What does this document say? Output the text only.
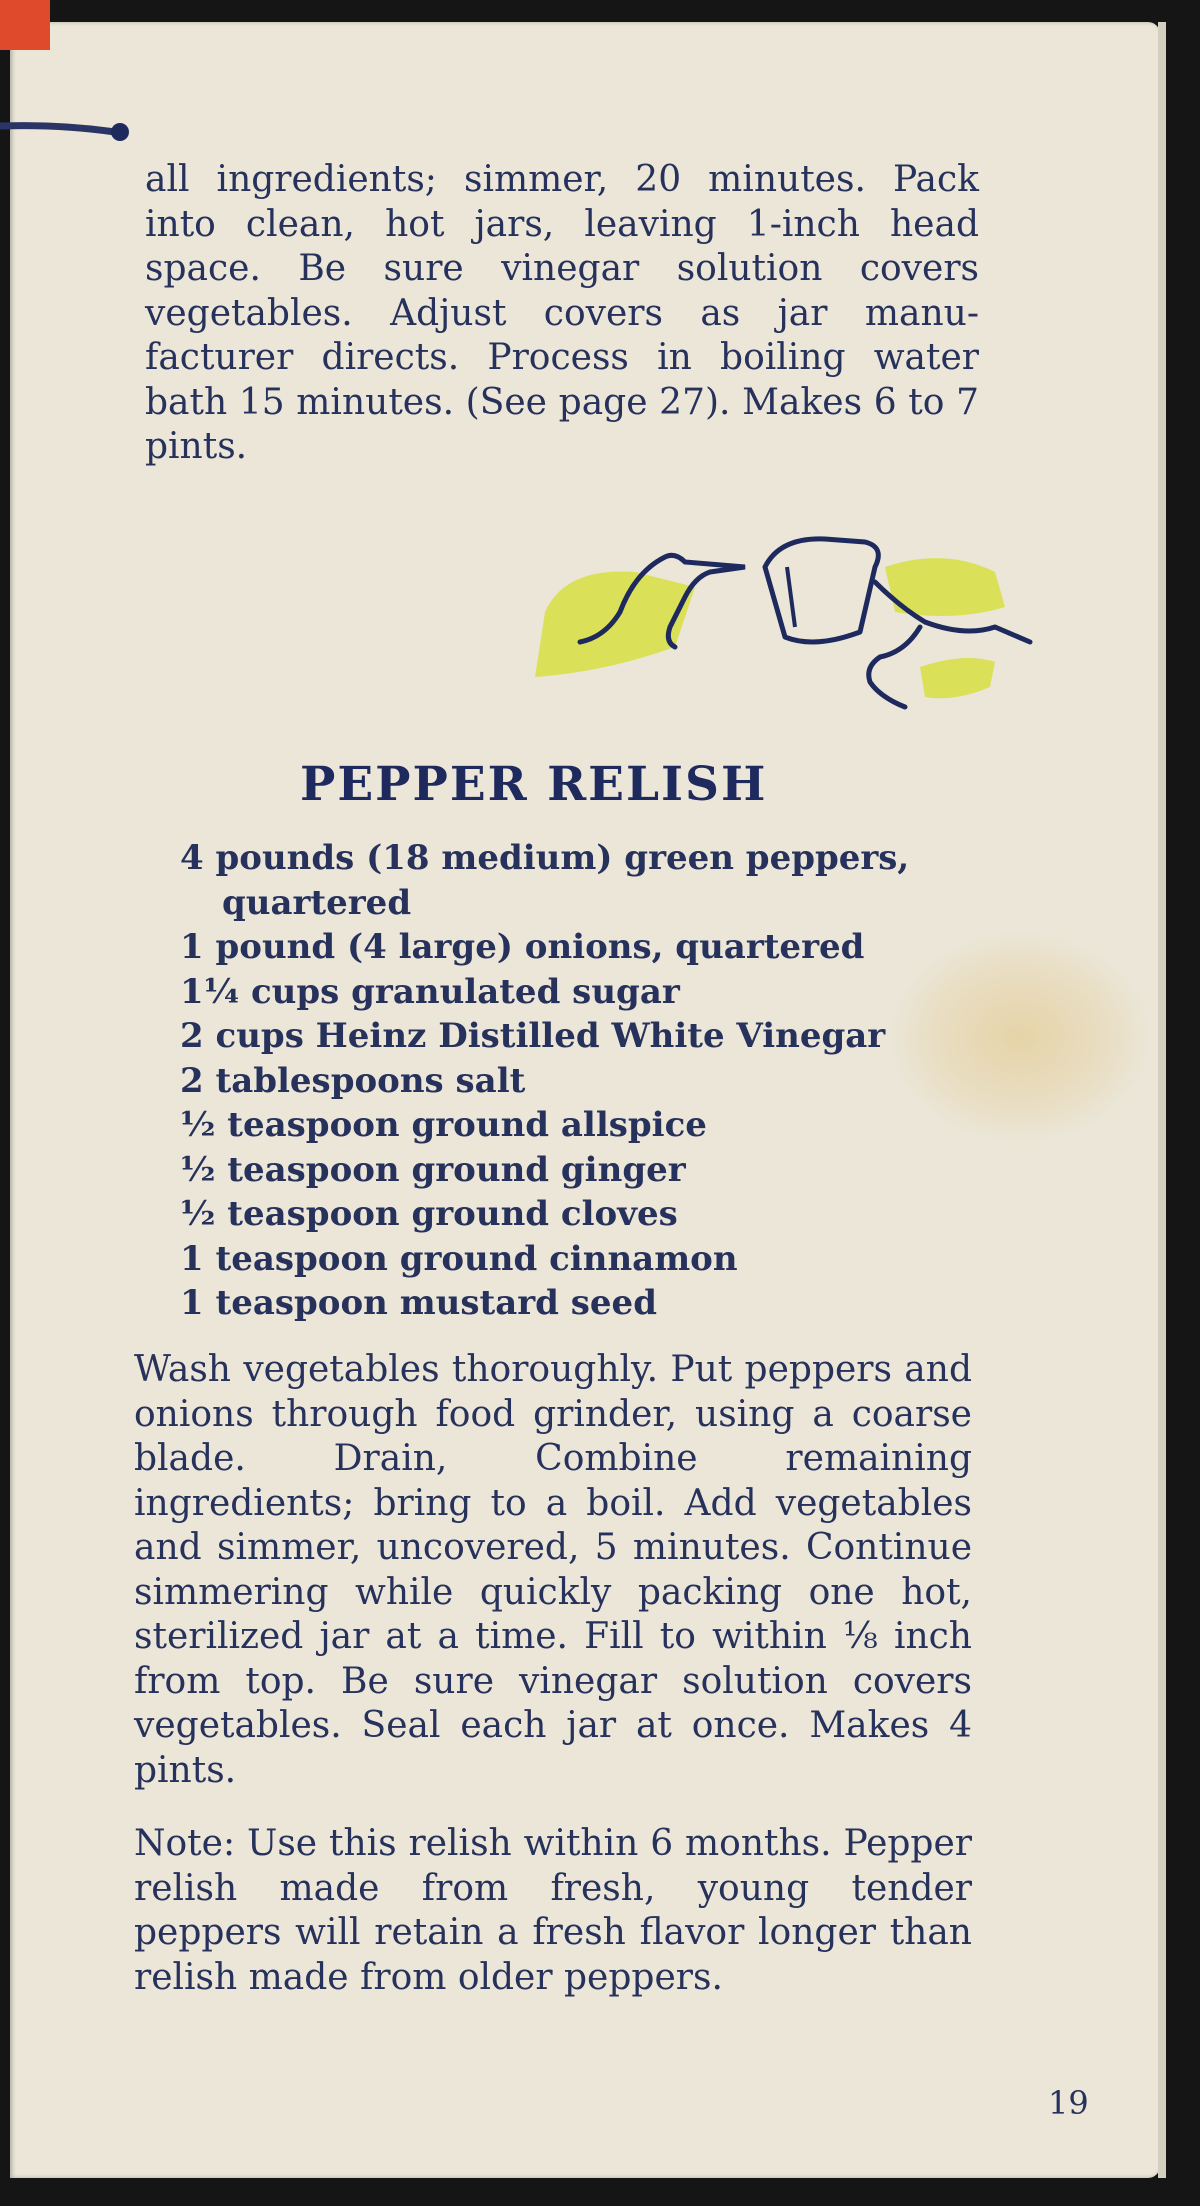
all ingredients; simmer, 20 minutes. Pack into clean, hot jars, leaving 1-inch head space. Be sure vinegar solution covers vegetables. Adjust covers as jar manufacturer directs. Process in boiling water bath 15 minutes. (See page 27). Makes 6 to 7 pints.

PEPPER RELISH
4 pounds (18 medium) green peppers,
quartered
1 pound (4 large) onions, quartered
1¼ cups granulated sugar
2 cups Heinz Distilled White Vinegar
2 tablespoons salt
½ teaspoon ground allspice
½ teaspoon ground ginger
½ teaspoon ground cloves
1 teaspoon ground cinnamon
1 teaspoon mustard seed

Wash vegetables thoroughly. Put peppers and onions through food grinder, using a coarse blade. Drain, Combine remaining ingredients; bring to a boil. Add vegetables and simmer, uncovered, 5 minutes. Continue simmering while quickly packing one hot, sterilized jar at a time. Fill to within ⅛ inch from top. Be sure vinegar solution covers vegetables. Seal each jar at once. Makes 4 pints.

Note: Use this relish within 6 months. Pepper relish made from fresh, young tender peppers will retain a fresh flavor longer than relish made from older peppers.

19
